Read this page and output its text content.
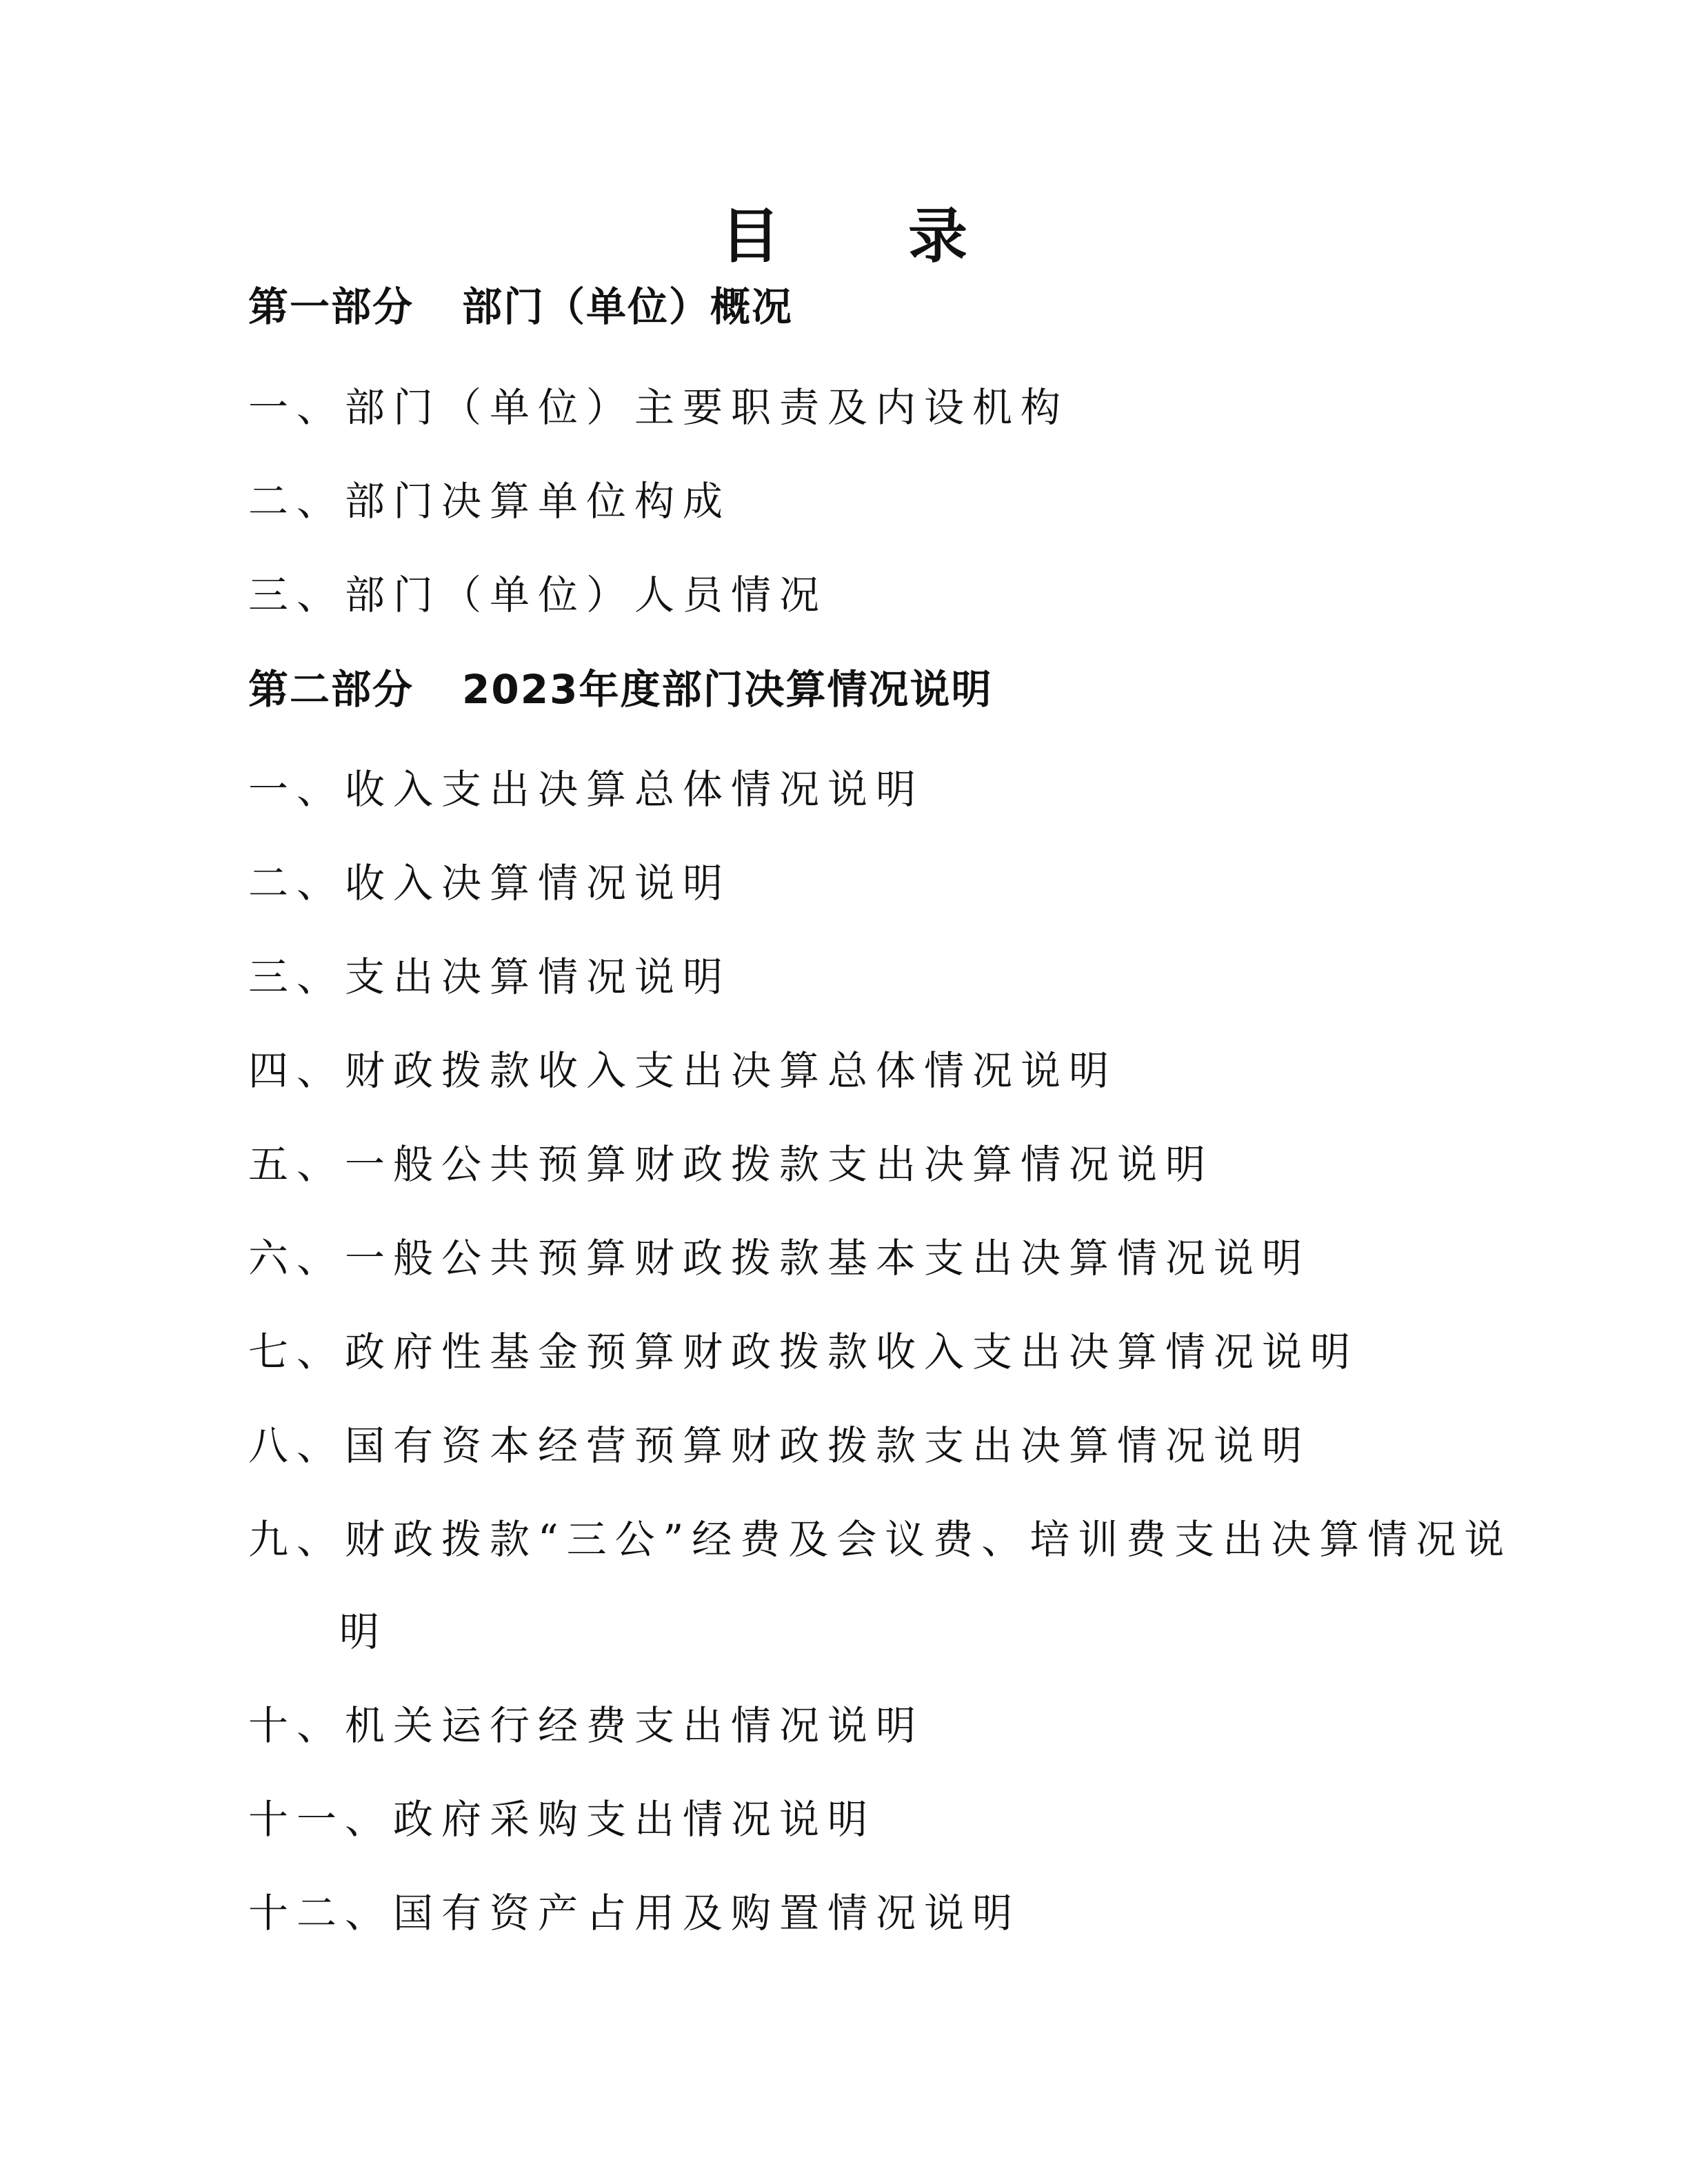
目 录
第一部分 部门（单位）概况
一、部门（单位）主要职责及内设机构
二、部门决算单位构成
三、部门（单位）人员情况
第二部分 2023年度部门决算情况说明
一、收入支出决算总体情况说明
二、收入决算情况说明
三、支出决算情况说明
四、财政拨款收入支出决算总体情况说明
五、一般公共预算财政拨款支出决算情况说明
六、一般公共预算财政拨款基本支出决算情况说明
七、政府性基金预算财政拨款收入支出决算情况说明
八、国有资本经营预算财政拨款支出决算情况说明
九、财政拨款“三公”经费及会议费、培训费支出决算情况说
明
十、机关运行经费支出情况说明
十一、政府采购支出情况说明
十二、国有资产占用及购置情况说明
